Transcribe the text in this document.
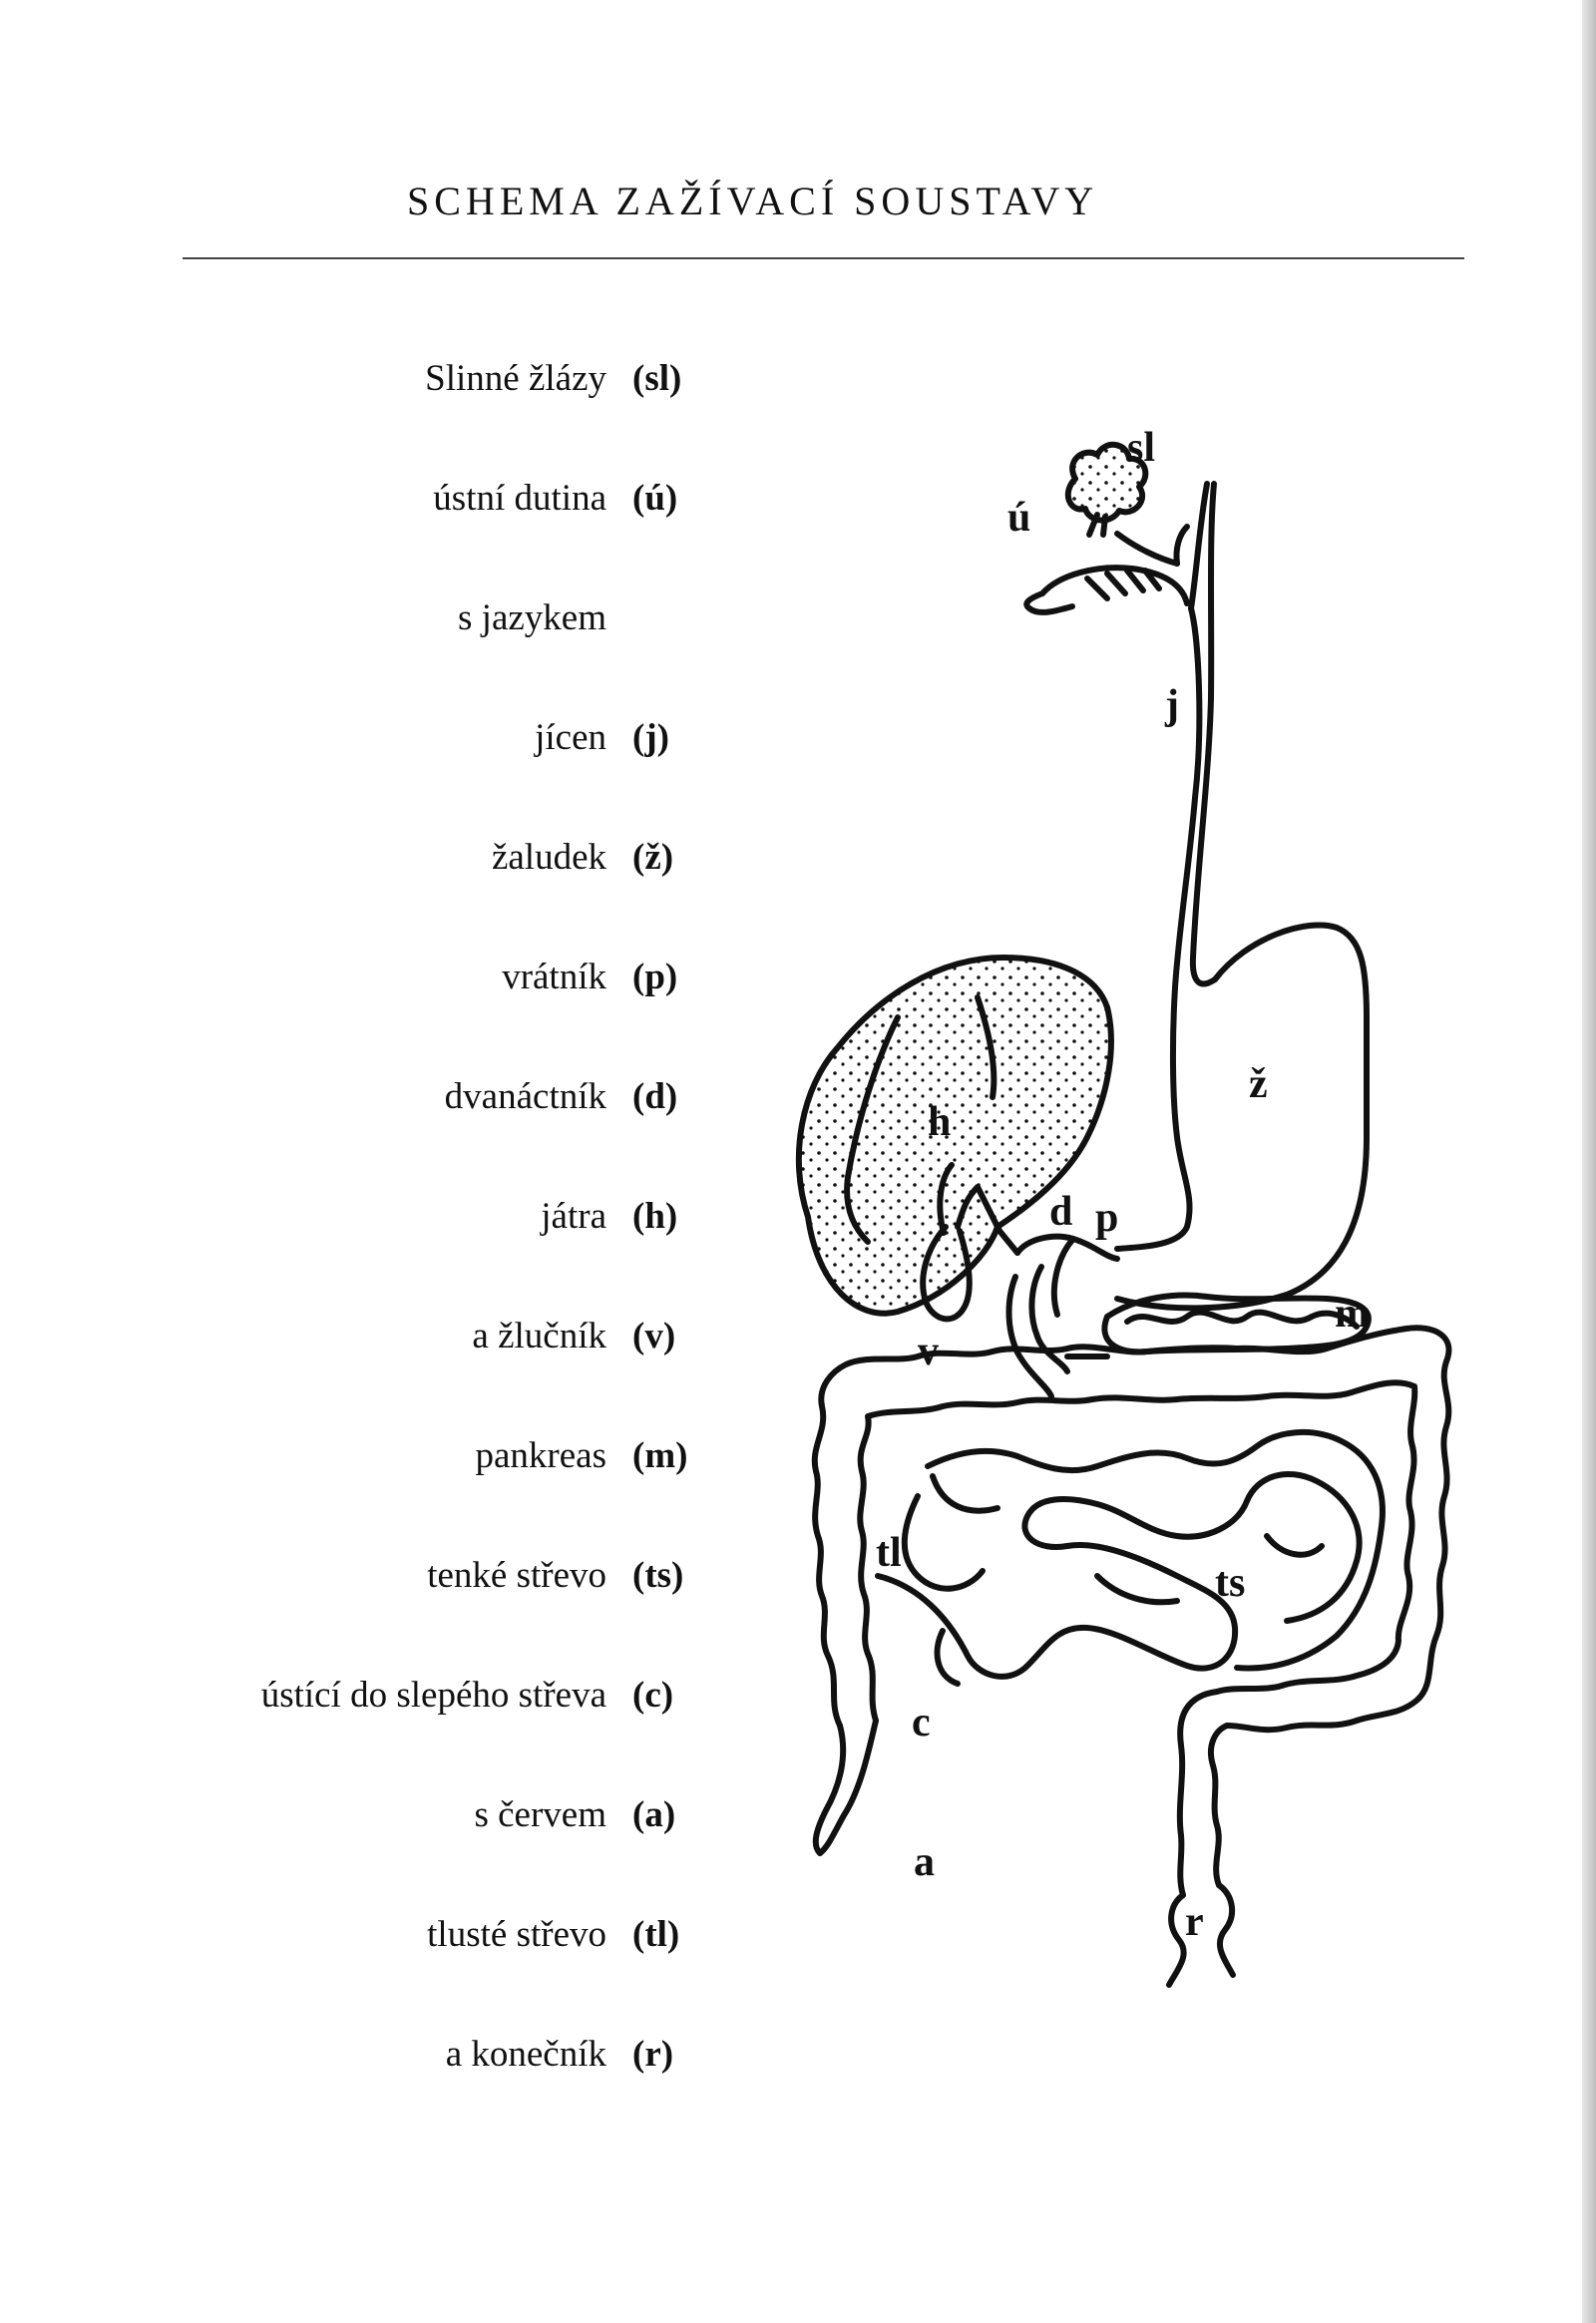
SCHEMA ZAŽÍVACÍ SOUSTAVY
Slinné žlázy (sl)
ústní dutina (ú)
s jazykem
jícen (j)
žaludek (ž)
vrátník (p)
dvanáctník (d)
játra (h)
a žlučník (v)
pankreas (m)
tenké střevo (ts)
ústící do slepého střeva (c)
s červem (a)
tlusté střevo (tl)
a konečník (r)
sl
ú
j
ž
h
d p
v
m
tl
ts
c
a
r
